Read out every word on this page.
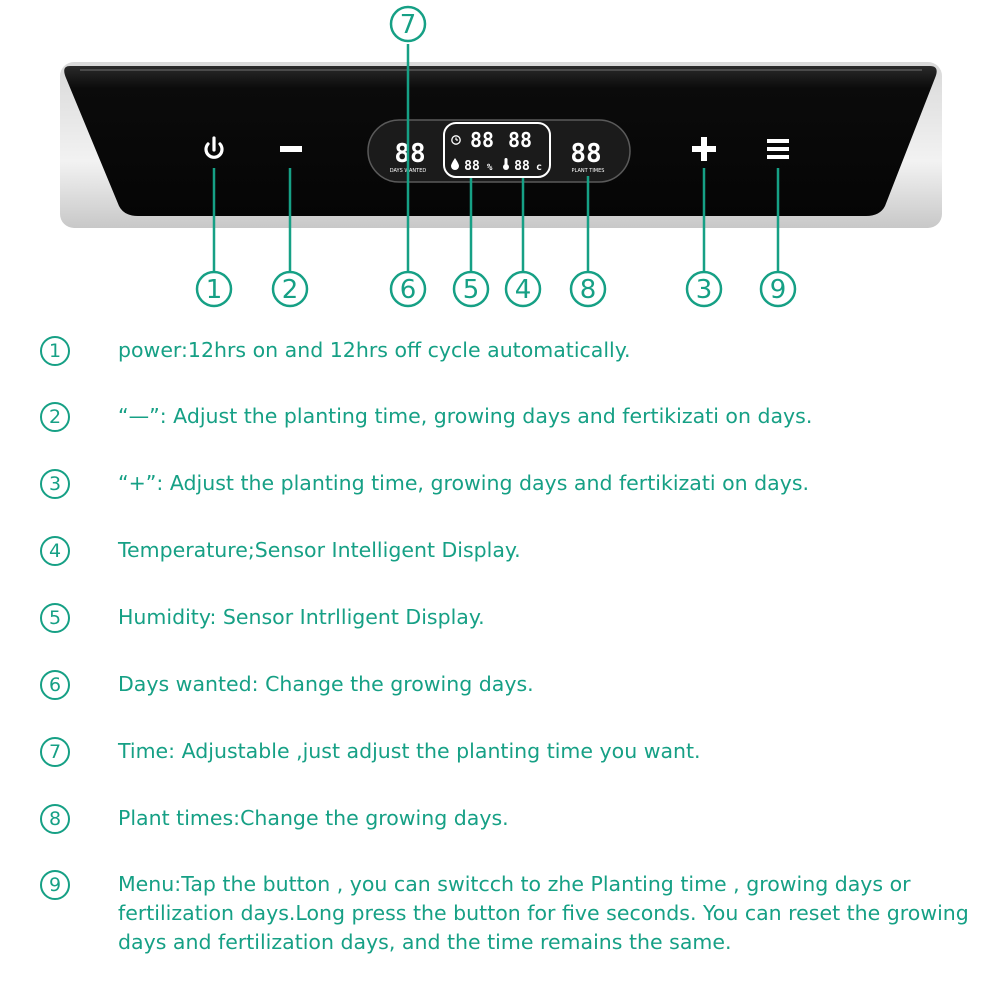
88
DAYS WANTED
88 88
88 % 88 c 88
PLANT TIMES
7
1 2	6 5 4 8	3 9
1	power:12hrs on and 12hrs off cycle automatically.
2	“—”: Adjust the planting time, growing days and fertikizati on days.
3	“+”: Adjust the planting time, growing days and fertikizati on days.
4	Temperature;Sensor Intelligent Display.
5	Humidity: Sensor Intrlligent Display.
6	Days wanted: Change the growing days.
7	Time: Adjustable ,just adjust the planting time you want.
8	Plant times:Change the growing days.
9	Menu:Tap the button , you can switcch to zhe Planting time , growing days or fertilization days.Long press the button for five seconds. You can reset the growing days and fertilization days, and the time remains the same.
